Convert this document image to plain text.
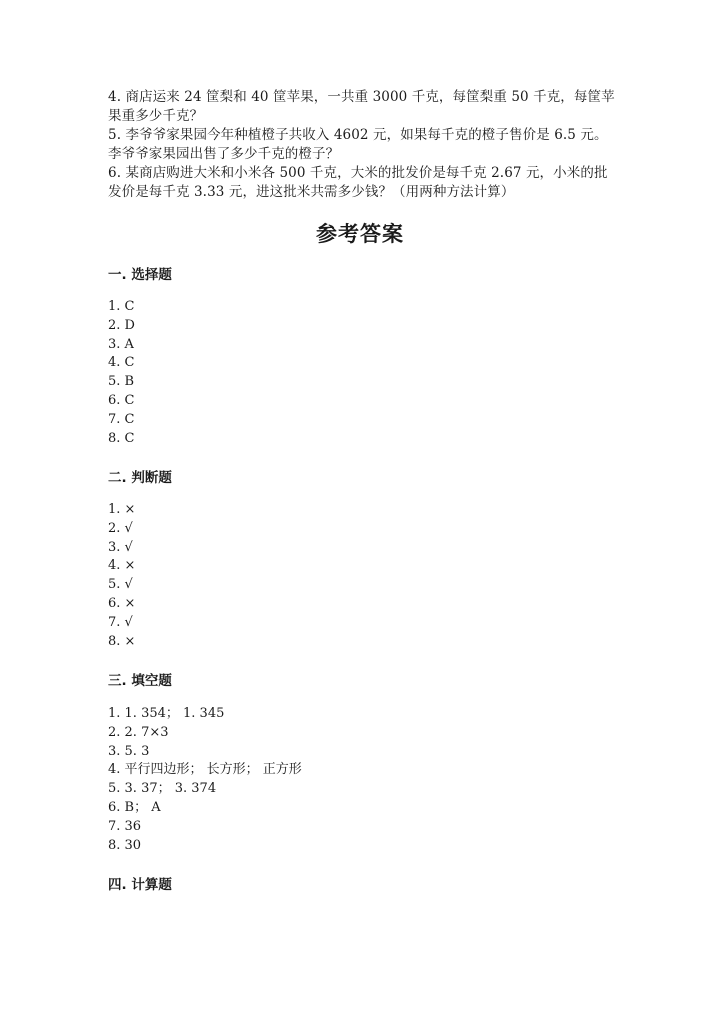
4. 商店运来 24 筐梨和 40 筐苹果，一共重 3000 千克，每筐梨重 50 千克，每筐苹果重多少千克？

5. 李爷爷家果园今年种植橙子共收入 4602 元，如果每千克的橙子售价是 6.5 元。李爷爷家果园出售了多少千克的橙子？

6. 某商店购进大米和小米各 500 千克，大米的批发价是每千克 2.67 元，小米的批发价是每千克 3.33 元，进这批米共需多少钱？（用两种方法计算）

参考答案
一. 选择题
1. C
2. D
3. A
4. C
5. B
6. C
7. C
8. C
二. 判断题
1. ×
2. √
3. √
4. ×
5. √
6. ×
7. √
8. ×
三. 填空题
1. 1. 354； 1. 345
2. 2. 7×3
3. 5. 3
4. 平行四边形； 长方形； 正方形
5. 3. 37； 3. 374
6. B； A
7. 36
8. 30
四. 计算题
